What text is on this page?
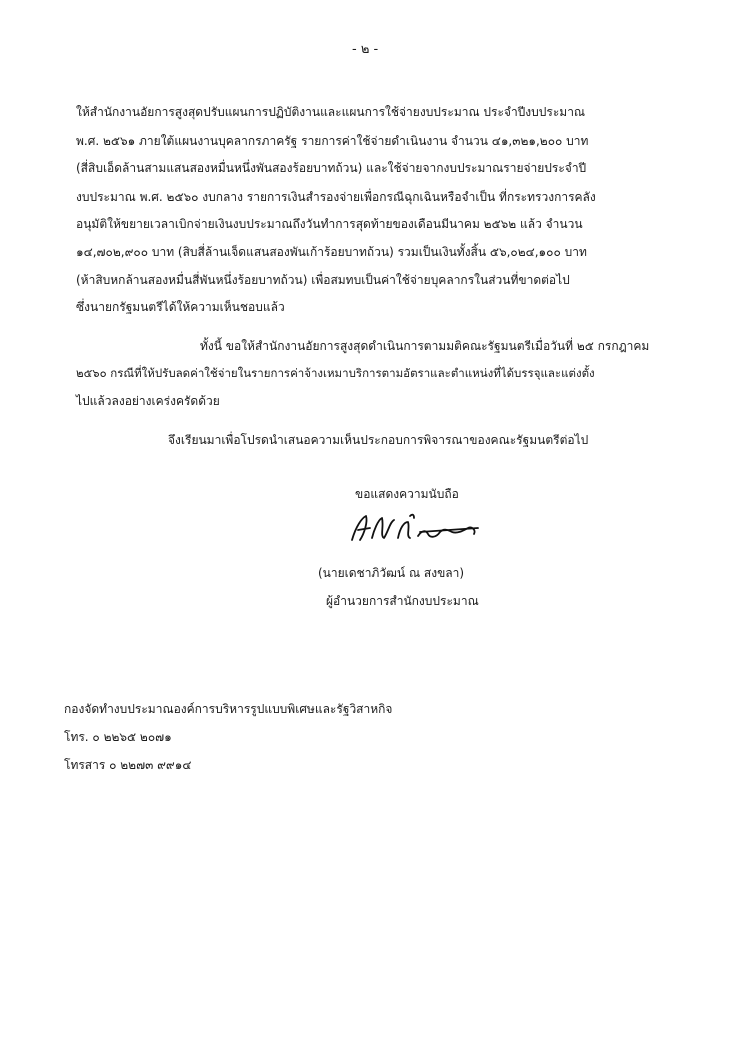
- ๒ -
ให้สำนักงานอัยการสูงสุดปรับแผนการปฏิบัติงานและแผนการใช้จ่ายงบประมาณ ประจำปีงบประมาณ
พ.ศ. ๒๕๖๑ ภายใต้แผนงานบุคลากรภาครัฐ รายการค่าใช้จ่ายดำเนินงาน จำนวน ๔๑,๓๒๑,๒๐๐ บาท
(สี่สิบเอ็ดล้านสามแสนสองหมื่นหนึ่งพันสองร้อยบาทถ้วน) และใช้จ่ายจากงบประมาณรายจ่ายประจำปี
งบประมาณ พ.ศ. ๒๕๖๐ งบกลาง รายการเงินสำรองจ่ายเพื่อกรณีฉุกเฉินหรือจำเป็น ที่กระทรวงการคลัง
อนุมัติให้ขยายเวลาเบิกจ่ายเงินงบประมาณถึงวันทำการสุดท้ายของเดือนมีนาคม ๒๕๖๒ แล้ว จำนวน
๑๔,๗๐๒,๙๐๐ บาท (สิบสี่ล้านเจ็ดแสนสองพันเก้าร้อยบาทถ้วน) รวมเป็นเงินทั้งสิ้น ๕๖,๐๒๔,๑๐๐ บาท
(ห้าสิบหกล้านสองหมื่นสี่พันหนึ่งร้อยบาทถ้วน) เพื่อสมทบเป็นค่าใช้จ่ายบุคลากรในส่วนที่ขาดต่อไป
ซึ่งนายกรัฐมนตรีได้ให้ความเห็นชอบแล้ว
ทั้งนี้ ขอให้สำนักงานอัยการสูงสุดดำเนินการตามมติคณะรัฐมนตรีเมื่อวันที่ ๒๕ กรกฎาคม
๒๕๖๐ กรณีที่ให้ปรับลดค่าใช้จ่ายในรายการค่าจ้างเหมาบริการตามอัตราและตำแหน่งที่ได้บรรจุและแต่งตั้ง
ไปแล้วลงอย่างเคร่งครัดด้วย
จึงเรียนมาเพื่อโปรดนำเสนอความเห็นประกอบการพิจารณาของคณะรัฐมนตรีต่อไป
ขอแสดงความนับถือ
(นายเดชาภิวัฒน์ ณ สงขลา)
ผู้อำนวยการสำนักงบประมาณ
กองจัดทำงบประมาณองค์การบริหารรูปแบบพิเศษและรัฐวิสาหกิจ
โทร. ๐ ๒๒๖๕ ๒๐๗๑
โทรสาร ๐ ๒๒๗๓ ๙๙๑๔
